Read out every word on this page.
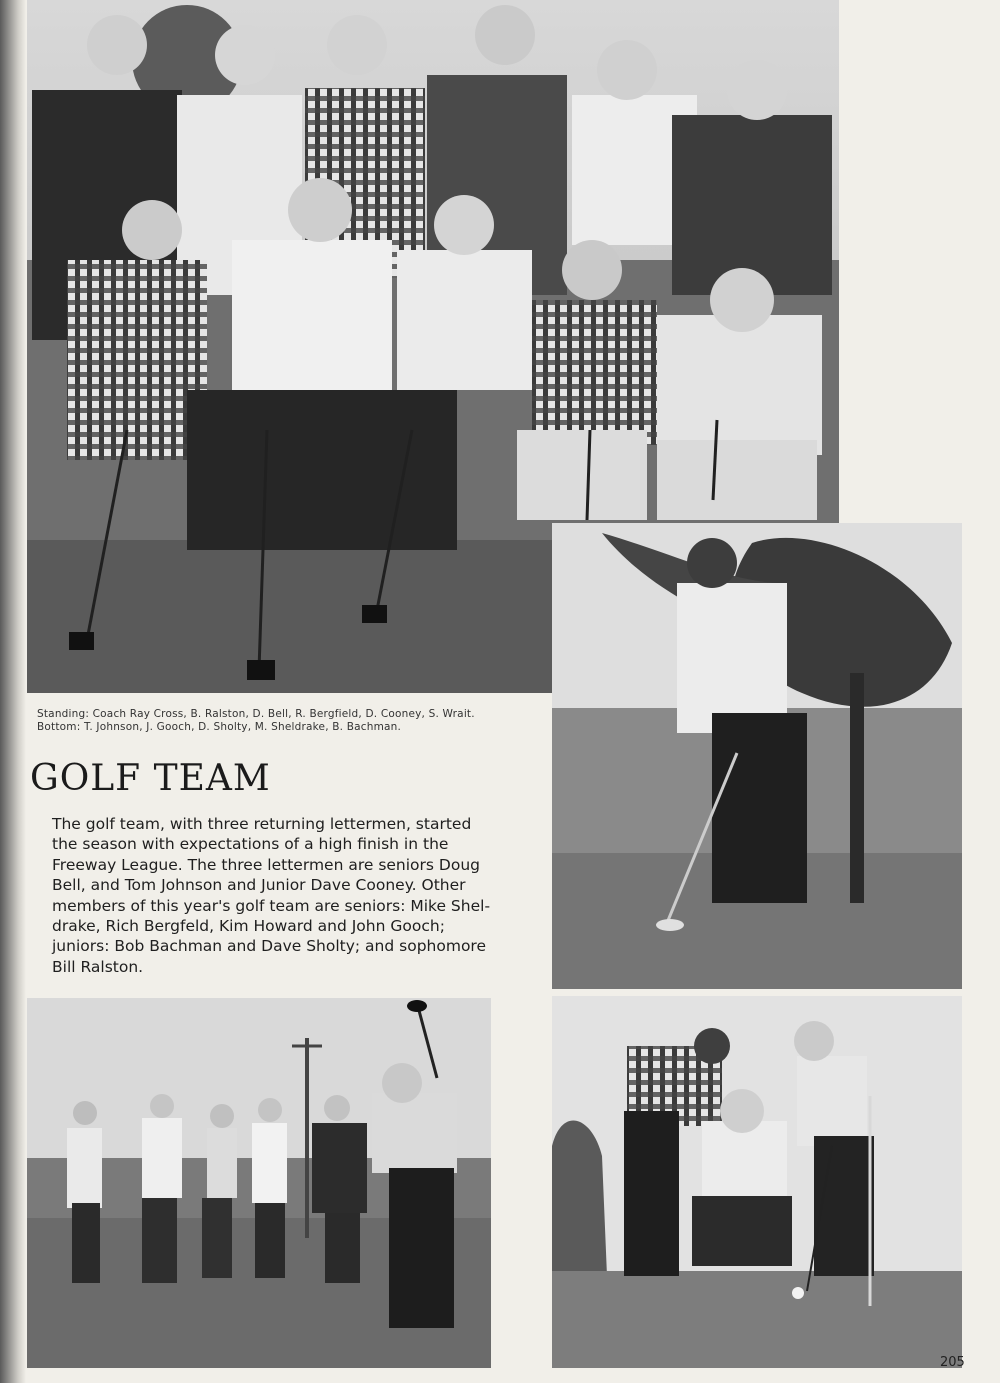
Standing: Coach Ray Cross, B. Ralston, D. Bell, R. Bergfield, D. Cooney, S. Wrait.
Bottom: T. Johnson, J. Gooch, D. Sholty, M. Sheldrake, B. Bachman.
GOLF TEAM
The golf team, with three returning lettermen, started
the season with expectations of a high finish in the
Freeway League. The three lettermen are seniors Doug
Bell, and Tom Johnson and Junior Dave Cooney. Other
members of this year's golf team are seniors: Mike Shel-
drake, Rich Bergfeld, Kim Howard and John Gooch;
juniors: Bob Bachman and Dave Sholty; and sophomore
Bill Ralston.
205
